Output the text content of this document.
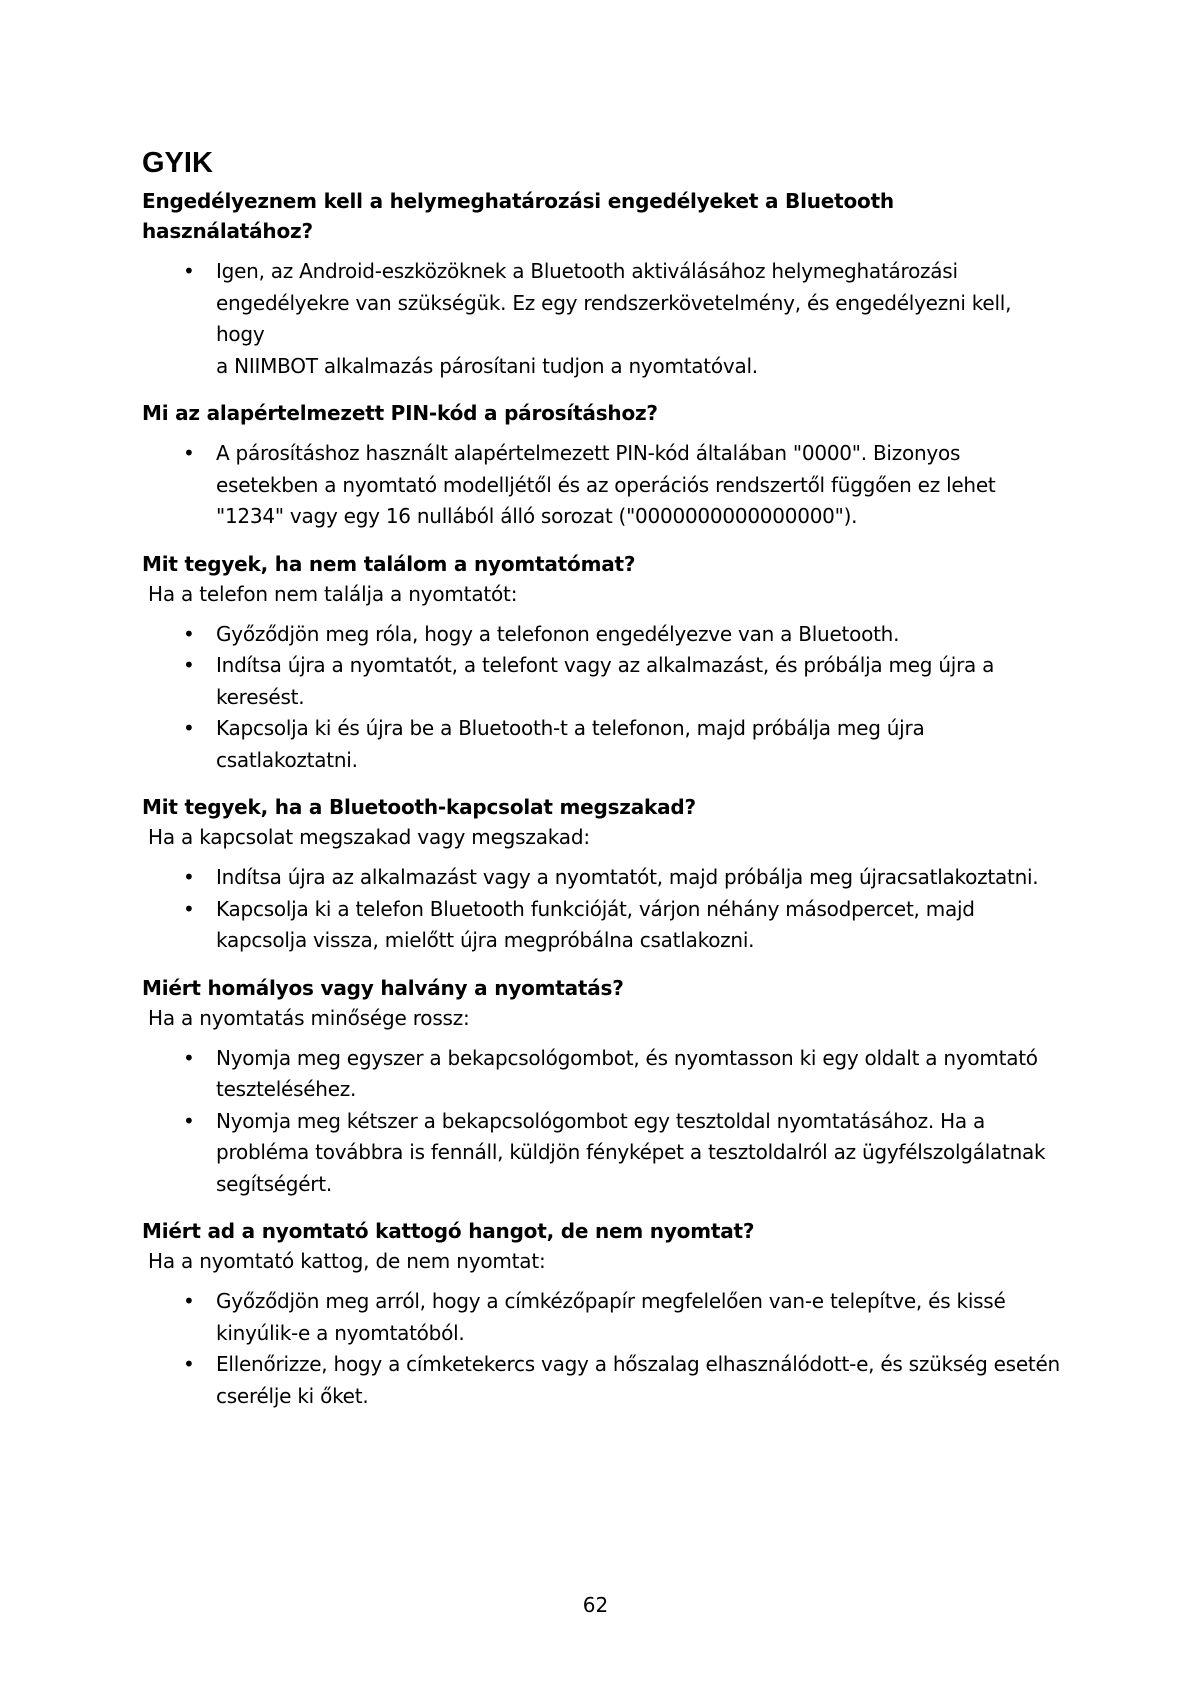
GYIK

Engedélyeznem kell a helymeghatározási engedélyeket a Bluetooth használatához?

• Igen, az Android-eszközöknek a Bluetooth aktiválásához helymeghatározási
engedélyekre van szükségük. Ez egy rendszerkövetelmény, és engedélyezni kell, hogy
a NIIMBOT alkalmazás párosítani tudjon a nyomtatóval.

Mi az alapértelmezett PIN-kód a párosításhoz?

• A párosításhoz használt alapértelmezett PIN-kód általában "0000". Bizonyos
esetekben a nyomtató modelljétől és az operációs rendszertől függően ez lehet
"1234" vagy egy 16 nullából álló sorozat ("0000000000000000").

Mit tegyek, ha nem találom a nyomtatómat?

Ha a telefon nem találja a nyomtatót:

• Győződjön meg róla, hogy a telefonon engedélyezve van a Bluetooth.
• Indítsa újra a nyomtatót, a telefont vagy az alkalmazást, és próbálja meg újra a
keresést.
• Kapcsolja ki és újra be a Bluetooth-t a telefonon, majd próbálja meg újra
csatlakoztatni.

Mit tegyek, ha a Bluetooth-kapcsolat megszakad?

Ha a kapcsolat megszakad vagy megszakad:

• Indítsa újra az alkalmazást vagy a nyomtatót, majd próbálja meg újracsatlakoztatni.
• Kapcsolja ki a telefon Bluetooth funkcióját, várjon néhány másodpercet, majd
kapcsolja vissza, mielőtt újra megpróbálna csatlakozni.

Miért homályos vagy halvány a nyomtatás?

Ha a nyomtatás minősége rossz:

• Nyomja meg egyszer a bekapcsológombot, és nyomtasson ki egy oldalt a nyomtató
teszteléséhez.
• Nyomja meg kétszer a bekapcsológombot egy tesztoldal nyomtatásához. Ha a
probléma továbbra is fennáll, küldjön fényképet a tesztoldalról az ügyfélszolgálatnak
segítségért.

Miért ad a nyomtató kattogó hangot, de nem nyomtat?

Ha a nyomtató kattog, de nem nyomtat:

• Győződjön meg arról, hogy a címkézőpapír megfelelően van-e telepítve, és kissé
kinyúlik-e a nyomtatóból.
• Ellenőrizze, hogy a címketekercs vagy a hőszalag elhasználódott-e, és szükség esetén
cserélje ki őket.
62
